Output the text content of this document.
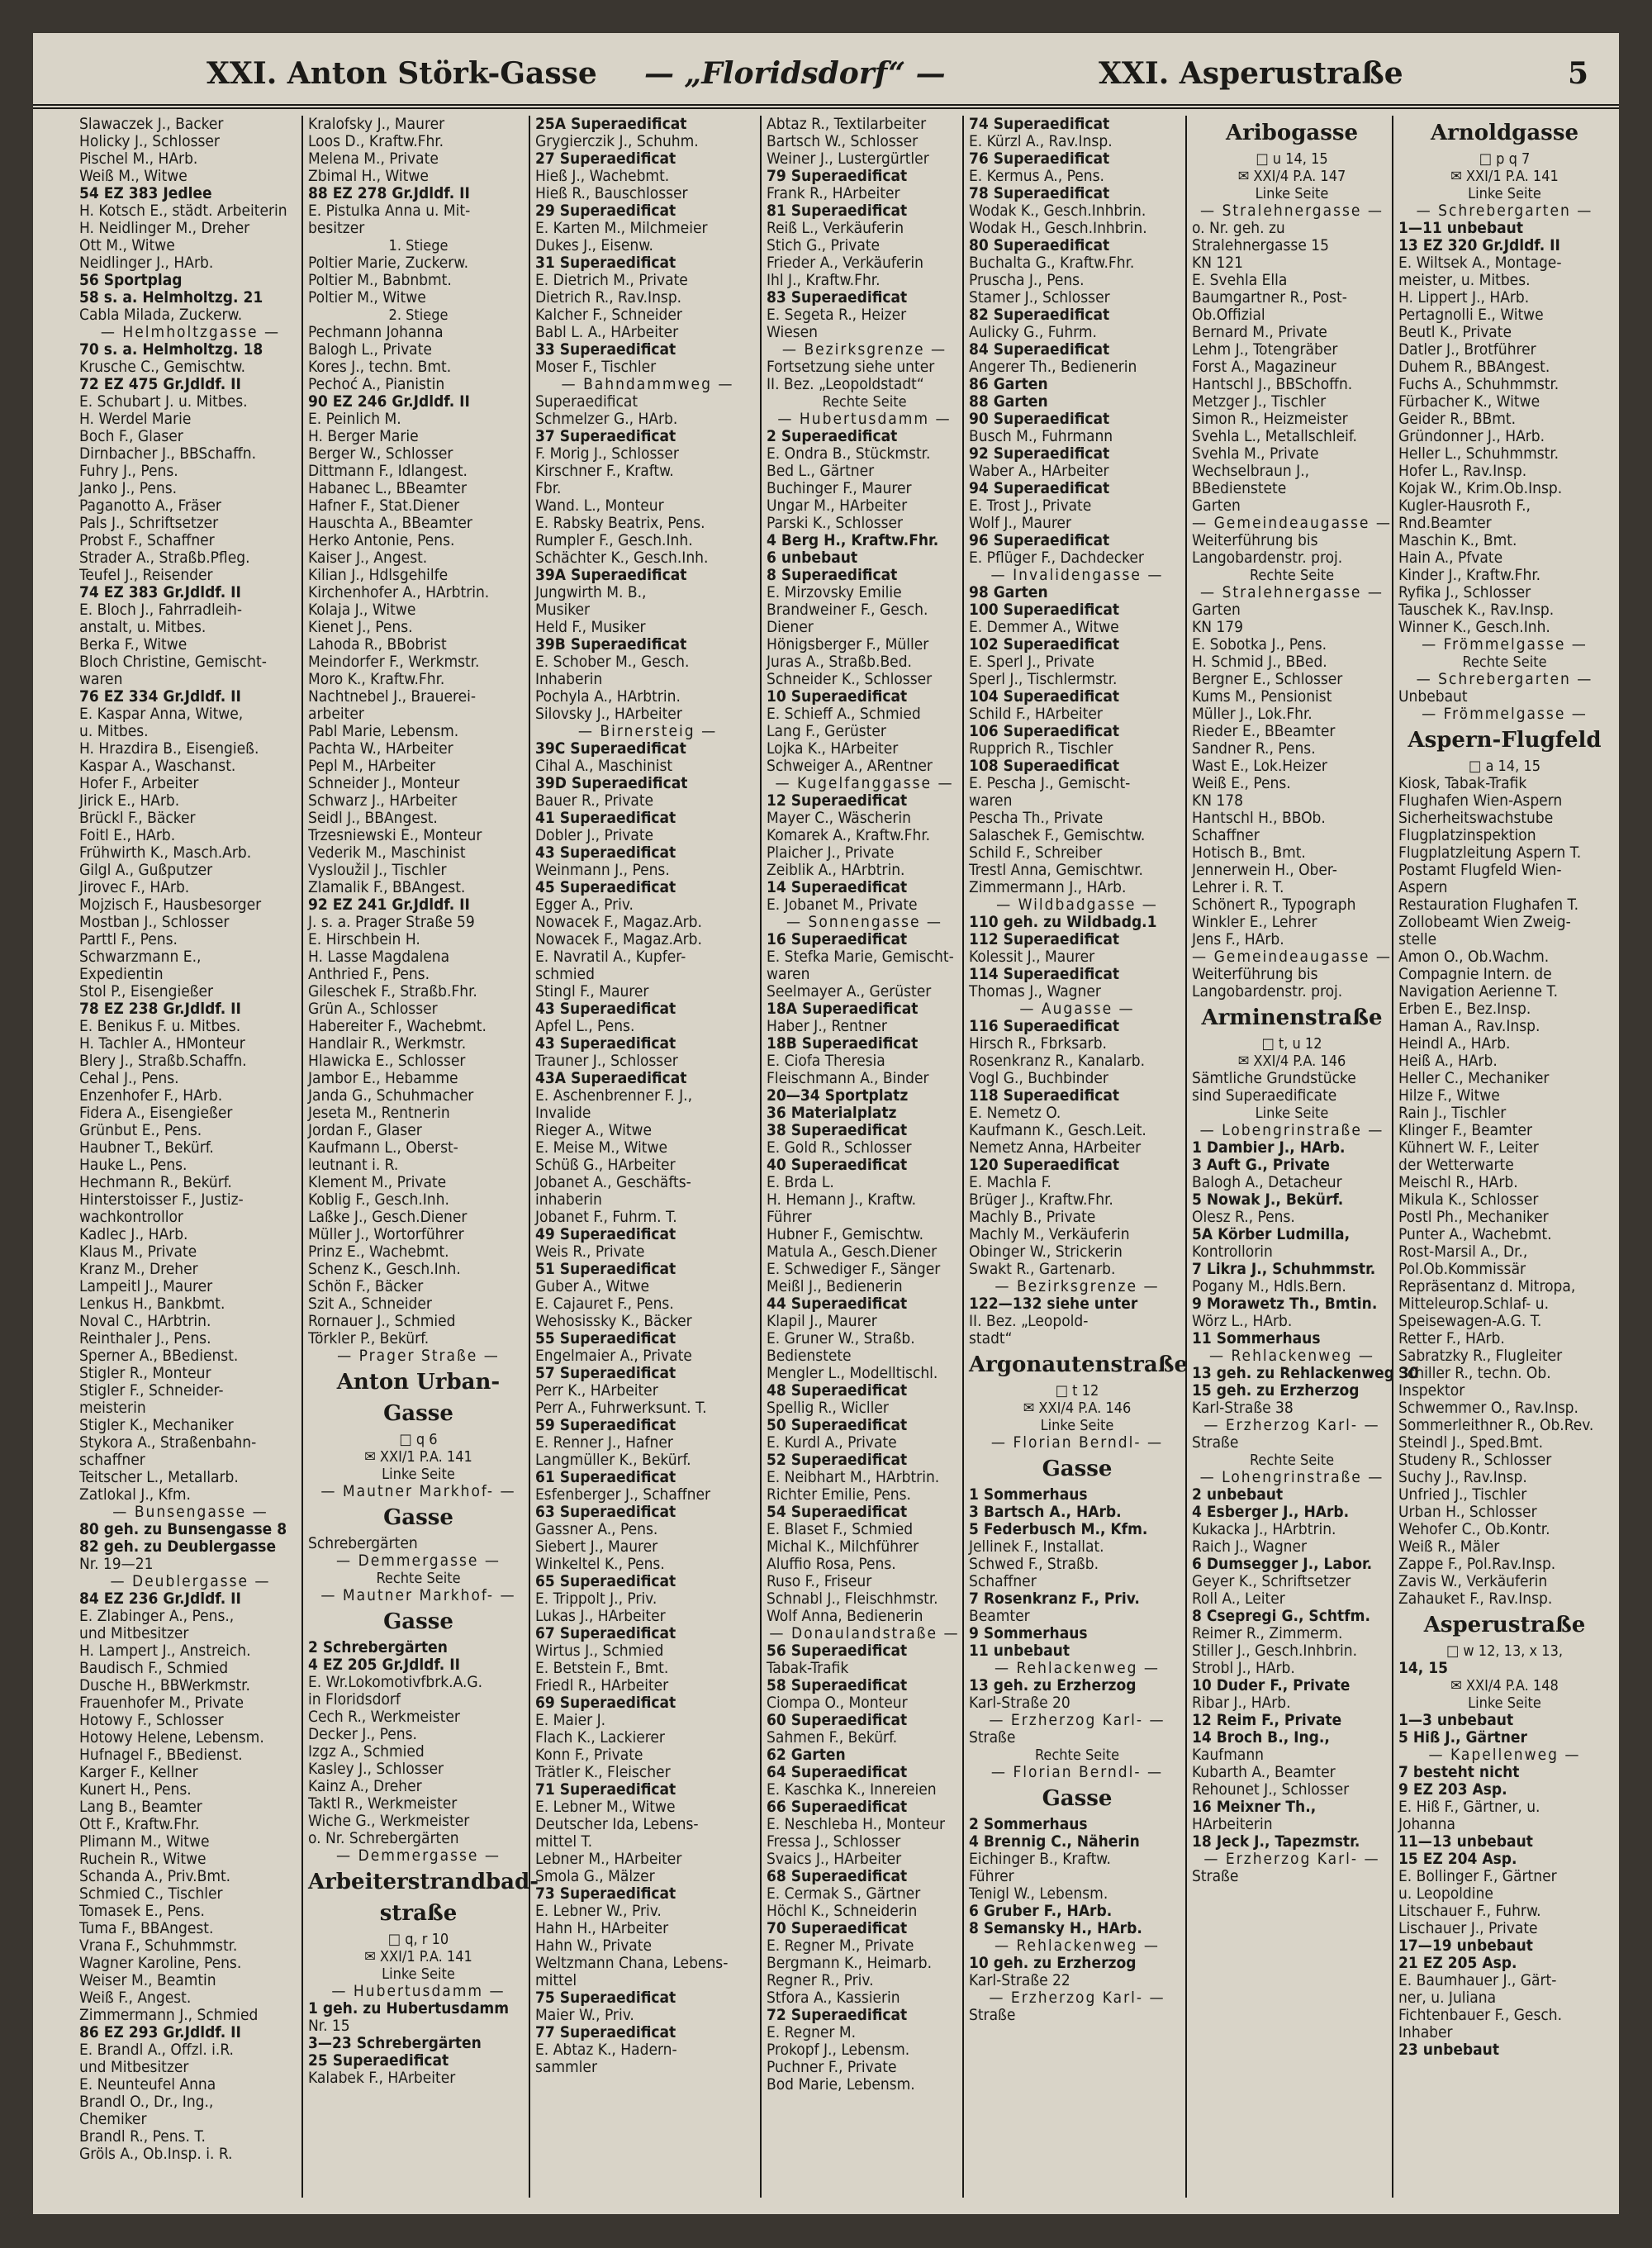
XXI. Anton Störk-Gasse — „Floridsdorf“ —	XXI. Asperustraße	5
Slawaczek J., Backer
Holicky J., Schlosser
Pischel M., HArb.
Weiß M., Witwe
54 EZ 383 Jedlee
H. Kotsch E., städt. Arbeiterin
H. Neidlinger M., Dreher
Ott M., Witwe
Neidlinger J., HArb.
56 Sportplag
58 s. a. Helmholtzg. 21
Cabla Milada, Zuckerw.
— Helmholtzgasse —
70 s. a. Helmholtzg. 18
Krusche C., Gemischtw.
72 EZ 475 Gr.Jdldf. II
E. Schubart J. u. Mitbes.
H. Werdel Marie
Boch F., Glaser
Dirnbacher J., BBSchaffn.
Fuhry J., Pens.
Janko J., Pens.
Paganotto A., Fräser
Pals J., Schriftsetzer
Probst F., Schaffner
Strader A., Straßb.Pfleg.
Teufel J., Reisender
74 EZ 383 Gr.Jdldf. II
E. Bloch J., Fahrradleih-
anstalt, u. Mitbes.
Berka F., Witwe
Bloch Christine, Gemischt-
waren
76 EZ 334 Gr.Jdldf. II
E. Kaspar Anna, Witwe,
u. Mitbes.
H. Hrazdira B., Eisengieß.
Kaspar A., Waschanst.
Hofer F., Arbeiter
Jirick E., HArb.
Brückl F., Bäcker
Foitl E., HArb.
Frühwirth K., Masch.Arb.
Gilgl A., Gußputzer
Jirovec F., HArb.
Mojzisch F., Hausbesorger
Mostban J., Schlosser
Parttl F., Pens.
Schwarzmann E.,
Expedientin
Stol P., Eisengießer
78 EZ 238 Gr.Jdldf. II
E. Benikus F. u. Mitbes.
H. Tachler A., HMonteur
Blery J., Straßb.Schaffn.
Cehal J., Pens.
Enzenhofer F., HArb.
Fidera A., Eisengießer
Grünbut E., Pens.
Haubner T., Bekürf.
Hauke L., Pens.
Hechmann R., Bekürf.
Hinterstoisser F., Justiz-
wachkontrollor
Kadlec J., HArb.
Klaus M., Private
Kranz M., Dreher
Lampeitl J., Maurer
Lenkus H., Bankbmt.
Noval C., HArbtrin.
Reinthaler J., Pens.
Sperner A., BBedienst.
Stigler R., Monteur
Stigler F., Schneider-
meisterin
Stigler K., Mechaniker
Stykora A., Straßenbahn-
schaffner
Teitscher L., Metallarb.
Zatlokal J., Kfm.
— Bunsengasse —
80 geh. zu Bunsengasse 8
82 geh. zu Deublergasse
Nr. 19—21
— Deublergasse —
84 EZ 236 Gr.Jdldf. II
E. Zlabinger A., Pens.,
und Mitbesitzer
H. Lampert J., Anstreich.
Baudisch F., Schmied
Dusche H., BBWerkmstr.
Frauenhofer M., Private
Hotowy F., Schlosser
Hotowy Helene, Lebensm.
Hufnagel F., BBedienst.
Karger F., Kellner
Kunert H., Pens.
Lang B., Beamter
Ott F., Kraftw.Fhr.
Plimann M., Witwe
Ruchein R., Witwe
Schanda A., Priv.Bmt.
Schmied C., Tischler
Tomasek E., Pens.
Tuma F., BBAngest.
Vrana F., Schuhmmstr.
Wagner Karoline, Pens.
Weiser M., Beamtin
Weiß F., Angest.
Zimmermann J., Schmied
86 EZ 293 Gr.Jdldf. II
E. Brandl A., Offzl. i.R.
und Mitbesitzer
E. Neunteufel Anna
Brandl O., Dr., Ing.,
Chemiker
Brandl R., Pens. T.
Gröls A., Ob.Insp. i. R.
Kralofsky J., Maurer
Loos D., Kraftw.Fhr.
Melena M., Private
Zbimal H., Witwe
88 EZ 278 Gr.Jdldf. II
E. Pistulka Anna u. Mit-
besitzer
1. Stiege
Poltier Marie, Zuckerw.
Poltier M., Babnbmt.
Poltier M., Witwe
2. Stiege
Pechmann Johanna
Balogh L., Private
Kores J., techn. Bmt.
Pechoć A., Pianistin
90 EZ 246 Gr.Jdldf. II
E. Peinlich M.
H. Berger Marie
Berger W., Schlosser
Dittmann F., Idlangest.
Habanec L., BBeamter
Hafner F., Stat.Diener
Hauschta A., BBeamter
Herko Antonie, Pens.
Kaiser J., Angest.
Kilian J., Hdlsgehilfe
Kirchenhofer A., HArbtrin.
Kolaja J., Witwe
Kienet J., Pens.
Lahoda R., BBobrist
Meindorfer F., Werkmstr.
Moro K., Kraftw.Fhr.
Nachtnebel J., Brauerei-
arbeiter
Pabl Marie, Lebensm.
Pachta W., HArbeiter
Pepl M., HArbeiter
Schneider J., Monteur
Schwarz J., HArbeiter
Seidl J., BBAngest.
Trzesniewski E., Monteur
Vederik M., Maschinist
Vysloužil J., Tischler
Zlamalik F., BBAngest.
92 EZ 241 Gr.Jdldf. II
J. s. a. Prager Straße 59
E. Hirschbein H.
H. Lasse Magdalena
Anthried F., Pens.
Gileschek F., Straßb.Fhr.
Grün A., Schlosser
Habereiter F., Wachebmt.
Handlair R., Werkmstr.
Hlawicka E., Schlosser
Jambor E., Hebamme
Janda G., Schuhmacher
Jeseta M., Rentnerin
Jordan F., Glaser
Kaufmann L., Oberst-
leutnant i. R.
Klement M., Private
Koblig F., Gesch.Inh.
Laßke J., Gesch.Diener
Müller J., Wortorführer
Prinz E., Wachebmt.
Schenz K., Gesch.Inh.
Schön F., Bäcker
Szit A., Schneider
Rornauer J., Schmied
Törkler P., Bekürf.
— Prager Straße —
Anton Urban-
Gasse
□ q 6
✉ XXI/1 P.A. 141
Linke Seite
— Mautner Markhof- —
Gasse
Schrebergärten
— Demmergasse —
Rechte Seite
— Mautner Markhof- —
Gasse
2 Schrebergärten
4 EZ 205 Gr.Jdldf. II
E. Wr.Lokomotivfbrk.A.G.
in Floridsdorf
Cech R., Werkmeister
Decker J., Pens.
Izgz A., Schmied
Kasley J., Schlosser
Kainz A., Dreher
Taktl R., Werkmeister
Wiche G., Werkmeister
o. Nr. Schrebergärten
— Demmergasse —
Arbeiterstrandbad-
straße
□ q, r 10
✉ XXI/1 P.A. 141
Linke Seite
— Hubertusdamm —
1 geh. zu Hubertusdamm
Nr. 15
3—23 Schrebergärten
25 Superaedificat
Kalabek F., HArbeiter
25A Superaedificat
Grygierczik J., Schuhm.
27 Superaedificat
Hieß J., Wachebmt.
Hieß R., Bauschlosser
29 Superaedificat
E. Karten M., Milchmeier
Dukes J., Eisenw.
31 Superaedificat
E. Dietrich M., Private
Dietrich R., Rav.Insp.
Kalcher F., Schneider
Babl L. A., HArbeiter
33 Superaedificat
Moser F., Tischler
— Bahndammweg —
Superaedificat
Schmelzer G., HArb.
37 Superaedificat
F. Morig J., Schlosser
Kirschner F., Kraftw.
Fbr.
Wand. L., Monteur
E. Rabsky Beatrix, Pens.
Rumpler F., Gesch.Inh.
Schächter K., Gesch.Inh.
39A Superaedificat
Jungwirth M. B.,
Musiker
Held F., Musiker
39B Superaedificat
E. Schober M., Gesch.
Inhaberin
Pochyla A., HArbtrin.
Silovsky J., HArbeiter
— Birnersteig —
39C Superaedificat
Cihal A., Maschinist
39D Superaedificat
Bauer R., Private
41 Superaedificat
Dobler J., Private
43 Superaedificat
Weinmann J., Pens.
45 Superaedificat
Egger A., Priv.
Nowacek F., Magaz.Arb.
Nowacek F., Magaz.Arb.
E. Navratil A., Kupfer-
schmied
Stingl F., Maurer
43 Superaedificat
Apfel L., Pens.
43 Superaedificat
Trauner J., Schlosser
43A Superaedificat
E. Aschenbrenner F. J.,
Invalide
Rieger A., Witwe
E. Meise M., Witwe
Schüß G., HArbeiter
Jobanet A., Geschäfts-
inhaberin
Jobanet F., Fuhrm. T.
49 Superaedificat
Weis R., Private
51 Superaedificat
Guber A., Witwe
E. Cajauret F., Pens.
Wehosissky K., Bäcker
55 Superaedificat
Engelmaier A., Private
57 Superaedificat
Perr K., HArbeiter
Perr A., Fuhrwerksunt. T.
59 Superaedificat
E. Renner J., Hafner
Langmüller K., Bekürf.
61 Superaedificat
Esfenberger J., Schaffner
63 Superaedificat
Gassner A., Pens.
Siebert J., Maurer
Winkeltel K., Pens.
65 Superaedificat
E. Trippolt J., Priv.
Lukas J., HArbeiter
67 Superaedificat
Wirtus J., Schmied
E. Betstein F., Bmt.
Friedl R., HArbeiter
69 Superaedificat
E. Maier J.
Flach K., Lackierer
Konn F., Private
Trätler K., Fleischer
71 Superaedificat
E. Lebner M., Witwe
Deutscher Ida, Lebens-
mittel T.
Lebner M., HArbeiter
Smola G., Mälzer
73 Superaedificat
E. Lebner W., Priv.
Hahn H., HArbeiter
Hahn W., Private
Weltzmann Chana, Lebens-
mittel
75 Superaedificat
Maier W., Priv.
77 Superaedificat
E. Abtaz K., Hadern-
sammler
Abtaz R., Textilarbeiter
Bartsch W., Schlosser
Weiner J., Lustergürtler
79 Superaedificat
Frank R., HArbeiter
81 Superaedificat
Reiß L., Verkäuferin
Stich G., Private
Frieder A., Verkäuferin
Ihl J., Kraftw.Fhr.
83 Superaedificat
E. Segeta R., Heizer
Wiesen
— Bezirksgrenze —
Fortsetzung siehe unter
II. Bez. „Leopoldstadt“
Rechte Seite
— Hubertusdamm —
2 Superaedificat
E. Ondra B., Stückmstr.
Bed L., Gärtner
Buchinger F., Maurer
Ungar M., HArbeiter
Parski K., Schlosser
4 Berg H., Kraftw.Fhr.
6 unbebaut
8 Superaedificat
E. Mirzovsky Emilie
Brandweiner F., Gesch.
Diener
Hönigsberger F., Müller
Juras A., Straßb.Bed.
Schneider K., Schlosser
10 Superaedificat
E. Schieff A., Schmied
Lang F., Gerüster
Lojka K., HArbeiter
Schweiger A., ARentner
— Kugelfanggasse —
12 Superaedificat
Mayer C., Wäscherin
Komarek A., Kraftw.Fhr.
Plaicher J., Private
Zeiblik A., HArbtrin.
14 Superaedificat
E. Jobanet M., Private
— Sonnengasse —
16 Superaedificat
E. Stefka Marie, Gemischt-
waren
Seelmayer A., Gerüster
18A Superaedificat
Haber J., Rentner
18B Superaedificat
E. Ciofa Theresia
Fleischmann A., Binder
20—34 Sportplatz
36 Materialplatz
38 Superaedificat
E. Gold R., Schlosser
40 Superaedificat
E. Brda L.
H. Hemann J., Kraftw.
Führer
Hubner F., Gemischtw.
Matula A., Gesch.Diener
E. Schwediger F., Sänger
Meißl J., Bedienerin
44 Superaedificat
Klapil J., Maurer
E. Gruner W., Straßb.
Bedienstete
Mengler L., Modelltischl.
48 Superaedificat
Spellig R., Wicller
50 Superaedificat
E. Kurdl A., Private
52 Superaedificat
E. Neibhart M., HArbtrin.
Richter Emilie, Pens.
54 Superaedificat
E. Blaset F., Schmied
Michal K., Milchführer
Aluffio Rosa, Pens.
Ruso F., Friseur
Schnabl J., Fleischhmstr.
Wolf Anna, Bedienerin
— Donaulandstraße —
56 Superaedificat
Tabak-Trafik
58 Superaedificat
Ciompa O., Monteur
60 Superaedificat
Sahmen F., Bekürf.
62 Garten
64 Superaedificat
E. Kaschka K., Innereien
66 Superaedificat
E. Neschleba H., Monteur
Fressa J., Schlosser
Svaics J., HArbeiter
68 Superaedificat
E. Cermak S., Gärtner
Höchl K., Schneiderin
70 Superaedificat
E. Regner M., Private
Bergmann K., Heimarb.
Regner R., Priv.
Stfora A., Kassierin
72 Superaedificat
E. Regner M.
Prokopf J., Lebensm.
Puchner F., Private
Bod Marie, Lebensm.
74 Superaedificat
E. Kürzl A., Rav.Insp.
76 Superaedificat
E. Kermus A., Pens.
78 Superaedificat
Wodak K., Gesch.Inhbrin.
Wodak H., Gesch.Inhbrin.
80 Superaedificat
Buchalta G., Kraftw.Fhr.
Pruscha J., Pens.
Stamer J., Schlosser
82 Superaedificat
Aulicky G., Fuhrm.
84 Superaedificat
Angerer Th., Bedienerin
86 Garten
88 Garten
90 Superaedificat
Busch M., Fuhrmann
92 Superaedificat
Waber A., HArbeiter
94 Superaedificat
E. Trost J., Private
Wolf J., Maurer
96 Superaedificat
E. Pflüger F., Dachdecker
— Invalidengasse —
98 Garten
100 Superaedificat
E. Demmer A., Witwe
102 Superaedificat
E. Sperl J., Private
Sperl J., Tischlermstr.
104 Superaedificat
Schild F., HArbeiter
106 Superaedificat
Rupprich R., Tischler
108 Superaedificat
E. Pescha J., Gemischt-
waren
Pescha Th., Private
Salaschek F., Gemischtw.
Schild F., Schreiber
Trestl Anna, Gemischtwr.
Zimmermann J., HArb.
— Wildbadgasse —
110 geh. zu Wildbadg.1
112 Superaedificat
Kolessit J., Maurer
114 Superaedificat
Thomas J., Wagner
— Augasse —
116 Superaedificat
Hirsch R., Fbrksarb.
Rosenkranz R., Kanalarb.
Vogl G., Buchbinder
118 Superaedificat
E. Nemetz O.
Kaufmann K., Gesch.Leit.
Nemetz Anna, HArbeiter
120 Superaedificat
E. Machla F.
Brüger J., Kraftw.Fhr.
Machly B., Private
Machly M., Verkäuferin
Obinger W., Strickerin
Swakt R., Gartenarb.
— Bezirksgrenze —
122—132 siehe unter
II. Bez. „Leopold-
stadt“
Argonautenstraße
□ t 12
✉ XXI/4 P.A. 146
Linke Seite
— Florian Berndl- —
Gasse
1 Sommerhaus
3 Bartsch A., HArb.
5 Federbusch M., Kfm.
Jellinek F., Installat.
Schwed F., Straßb.
Schaffner
7 Rosenkranz F., Priv.
Beamter
9 Sommerhaus
11 unbebaut
— Rehlackenweg —
13 geh. zu Erzherzog
Karl-Straße 20
— Erzherzog Karl- —
Straße
Rechte Seite
— Florian Berndl- —
Gasse
2 Sommerhaus
4 Brennig C., Näherin
Eichinger B., Kraftw.
Führer
Tenigl W., Lebensm.
6 Gruber F., HArb.
8 Semansky H., HArb.
— Rehlackenweg —
10 geh. zu Erzherzog
Karl-Straße 22
— Erzherzog Karl- —
Straße
Aribogasse
□ u 14, 15
✉ XXI/4 P.A. 147
Linke Seite
— Stralehnergasse —
o. Nr. geh. zu
Stralehnergasse 15
KN 121
E. Svehla Ella
Baumgartner R., Post-
Ob.Offizial
Bernard M., Private
Lehm J., Totengräber
Forst A., Magazineur
Hantschl J., BBSchoffn.
Metzger J., Tischler
Simon R., Heizmeister
Svehla L., Metallschleif.
Svehla M., Private
Wechselbraun J.,
BBedienstete
Garten
— Gemeindeaugasse —
Weiterführung bis
Langobardenstr. proj.
Rechte Seite
— Stralehnergasse —
Garten
KN 179
E. Sobotka J., Pens.
H. Schmid J., BBed.
Bergner E., Schlosser
Kums M., Pensionist
Müller J., Lok.Fhr.
Rieder E., BBeamter
Sandner R., Pens.
Wast E., Lok.Heizer
Weiß E., Pens.
KN 178
Hantschl H., BBOb.
Schaffner
Hotisch B., Bmt.
Jennerwein H., Ober-
Lehrer i. R. T.
Schönert R., Typograph
Winkler E., Lehrer
Jens F., HArb.
— Gemeindeaugasse —
Weiterführung bis
Langobardenstr. proj.
Arminenstraße
□ t, u 12
✉ XXI/4 P.A. 146
Sämtliche Grundstücke
sind Superaedificate
Linke Seite
— Lobengrinstraße —
1 Dambier J., HArb.
3 Auft G., Private
Balogh A., Detacheur
5 Nowak J., Bekürf.
Olesz R., Pens.
5A Körber Ludmilla,
Kontrollorin
7 Likra J., Schuhmmstr.
Pogany M., Hdls.Bern.
9 Morawetz Th., Bmtin.
Wörz L., HArb.
11 Sommerhaus
— Rehlackenweg —
13 geh. zu Rehlackenweg 30
15 geh. zu Erzherzog
Karl-Straße 38
— Erzherzog Karl- —
Straße
Rechte Seite
— Lohengrinstraße —
2 unbebaut
4 Esberger J., HArb.
Kukacka J., HArbtrin.
Raich J., Wagner
6 Dumsegger J., Labor.
Geyer K., Schriftsetzer
Roll A., Leiter
8 Csepregi G., Schtfm.
Reimer R., Zimmerm.
Stiller J., Gesch.Inhbrin.
Strobl J., HArb.
10 Duder F., Private
Ribar J., HArb.
12 Reim F., Private
14 Broch B., Ing.,
Kaufmann
Kubarth A., Beamter
Rehounet J., Schlosser
16 Meixner Th.,
HArbeiterin
18 Jeck J., Tapezmstr.
— Erzherzog Karl- —
Straße
Arnoldgasse
□ p q 7
✉ XXI/1 P.A. 141
Linke Seite
— Schrebergarten —
1—11 unbebaut
13 EZ 320 Gr.Jdldf. II
E. Wiltsek A., Montage-
meister, u. Mitbes.
H. Lippert J., HArb.
Pertagnolli E., Witwe
Beutl K., Private
Datler J., Brotführer
Duhem R., BBAngest.
Fuchs A., Schuhmmstr.
Fürbacher K., Witwe
Geider R., BBmt.
Gründonner J., HArb.
Heller L., Schuhmmstr.
Hofer L., Rav.Insp.
Kojak W., Krim.Ob.Insp.
Kugler-Hausroth F.,
Rnd.Beamter
Maschin K., Bmt.
Hain A., Pfvate
Kinder J., Kraftw.Fhr.
Ryfika J., Schlosser
Tauschek K., Rav.Insp.
Winner K., Gesch.Inh.
— Frömmelgasse —
Rechte Seite
— Schrebergarten —
Unbebaut
— Frömmelgasse —
Aspern-Flugfeld
□ a 14, 15
Kiosk, Tabak-Trafik
Flughafen Wien-Aspern
Sicherheitswachstube
Flugplatzinspektion
Flugplatzleitung Aspern T.
Postamt Flugfeld Wien-
Aspern
Restauration Flughafen T.
Zollobeamt Wien Zweig-
stelle
Amon O., Ob.Wachm.
Compagnie Intern. de
Navigation Aerienne T.
Erben E., Bez.Insp.
Haman A., Rav.Insp.
Heindl A., HArb.
Heiß A., HArb.
Heller C., Mechaniker
Hilze F., Witwe
Rain J., Tischler
Klinger F., Beamter
Kühnert W. F., Leiter
der Wetterwarte
Meischl R., HArb.
Mikula K., Schlosser
Postl Ph., Mechaniker
Punter A., Wachebmt.
Rost-Marsil A., Dr.,
Pol.Ob.Kommissär
Repräsentanz d. Mitropa,
Mitteleurop.Schlaf- u.
Speisewagen-A.G. T.
Retter F., HArb.
Sabratzky R., Flugleiter
Schiller R., techn. Ob.
Inspektor
Schwemmer O., Rav.Insp.
Sommerleithner R., Ob.Rev.
Steindl J., Sped.Bmt.
Studeny R., Schlosser
Suchy J., Rav.Insp.
Unfried J., Tischler
Urban H., Schlosser
Wehofer C., Ob.Kontr.
Weiß R., Mäler
Zappe F., Pol.Rav.Insp.
Zavis W., Verkäuferin
Zahauket F., Rav.Insp.
Asperustraße
□ w 12, 13, x 13,
14, 15
✉ XXI/4 P.A. 148
Linke Seite
1—3 unbebaut
5 Hiß J., Gärtner
— Kapellenweg —
7 besteht nicht
9 EZ 203 Asp.
E. Hiß F., Gärtner, u.
Johanna
11—13 unbebaut
15 EZ 204 Asp.
E. Bollinger F., Gärtner
u. Leopoldine
Litschauer F., Fuhrw.
Lischauer J., Private
17—19 unbebaut
21 EZ 205 Asp.
E. Baumhauer J., Gärt-
ner, u. Juliana
Fichtenbauer F., Gesch.
Inhaber
23 unbebaut
